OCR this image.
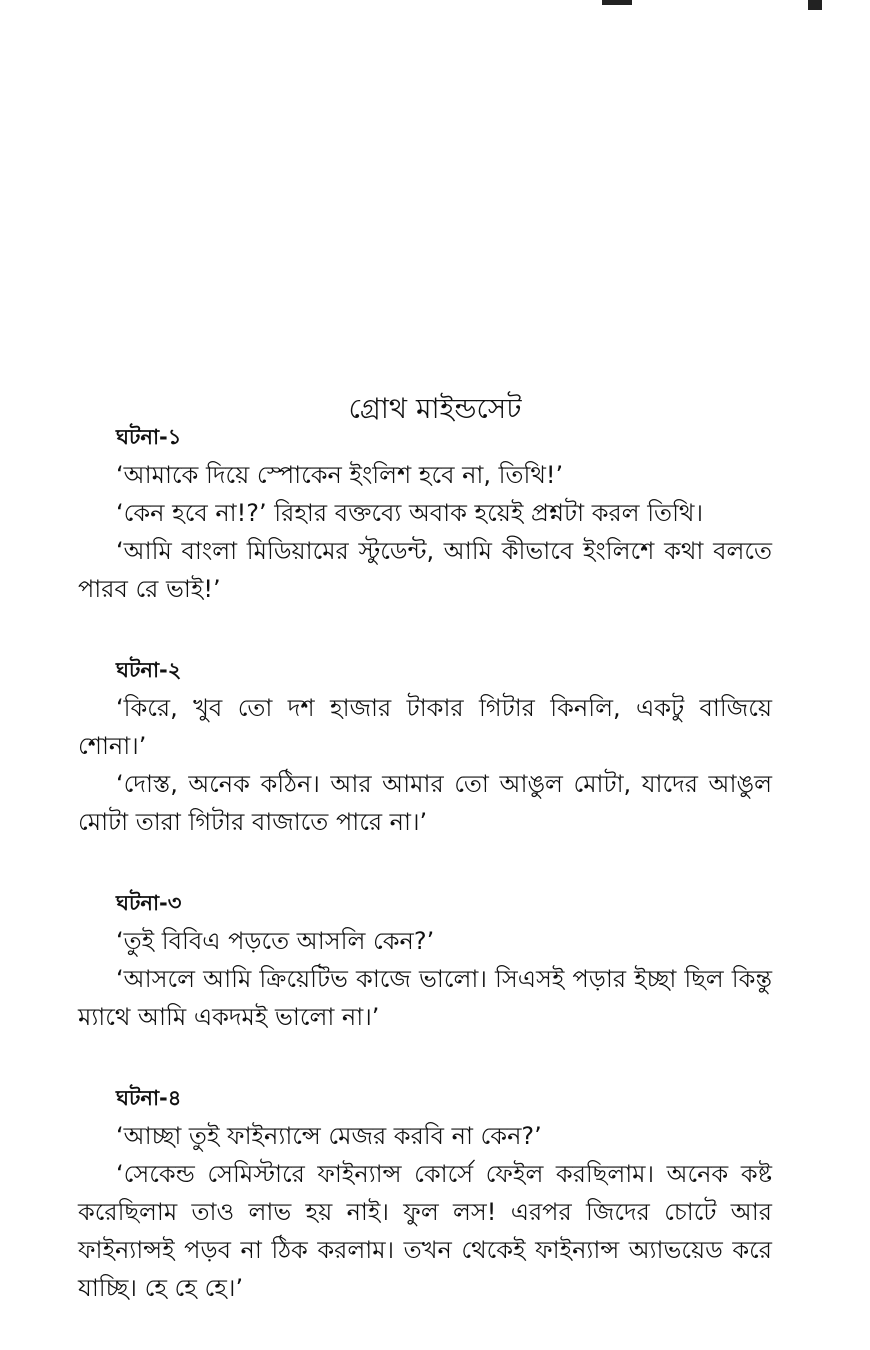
গ্রোথ মাইন্ডসেট

ঘটনা-১

‘আমাকে দিয়ে স্পোকেন ইংলিশ হবে না, তিথি!’

‘কেন হবে না!?’ রিহার বক্তব্যে অবাক হয়েই প্রশ্নটা করল তিথি।

‘আমি বাংলা মিডিয়ামের স্টুডেন্ট, আমি কীভাবে ইংলিশে কথা বলতে পারব রে ভাই!’

ঘটনা-২

‘কিরে, খুব তো দশ হাজার টাকার গিটার কিনলি, একটু বাজিয়ে শোনা।’

‘দোস্ত, অনেক কঠিন। আর আমার তো আঙুল মোটা, যাদের আঙুল মোটা তারা গিটার বাজাতে পারে না।’

ঘটনা-৩

‘তুই বিবিএ পড়তে আসলি কেন?’

‘আসলে আমি ক্রিয়েটিভ কাজে ভালো। সিএসই পড়ার ইচ্ছা ছিল কিন্তু ম্যাথে আমি একদমই ভালো না।’

ঘটনা-৪

‘আচ্ছা তুই ফাইন্যান্সে মেজর করবি না কেন?’

‘সেকেন্ড সেমিস্টারে ফাইন্যান্স কোর্সে ফেইল করছিলাম। অনেক কষ্ট করেছিলাম তাও লাভ হয় নাই। ফুল লস! এরপর জিদের চোটে আর ফাইন্যান্সই পড়ব না ঠিক করলাম। তখন থেকেই ফাইন্যান্স অ্যাভয়েড করে যাচ্ছি। হে হে হে।’
